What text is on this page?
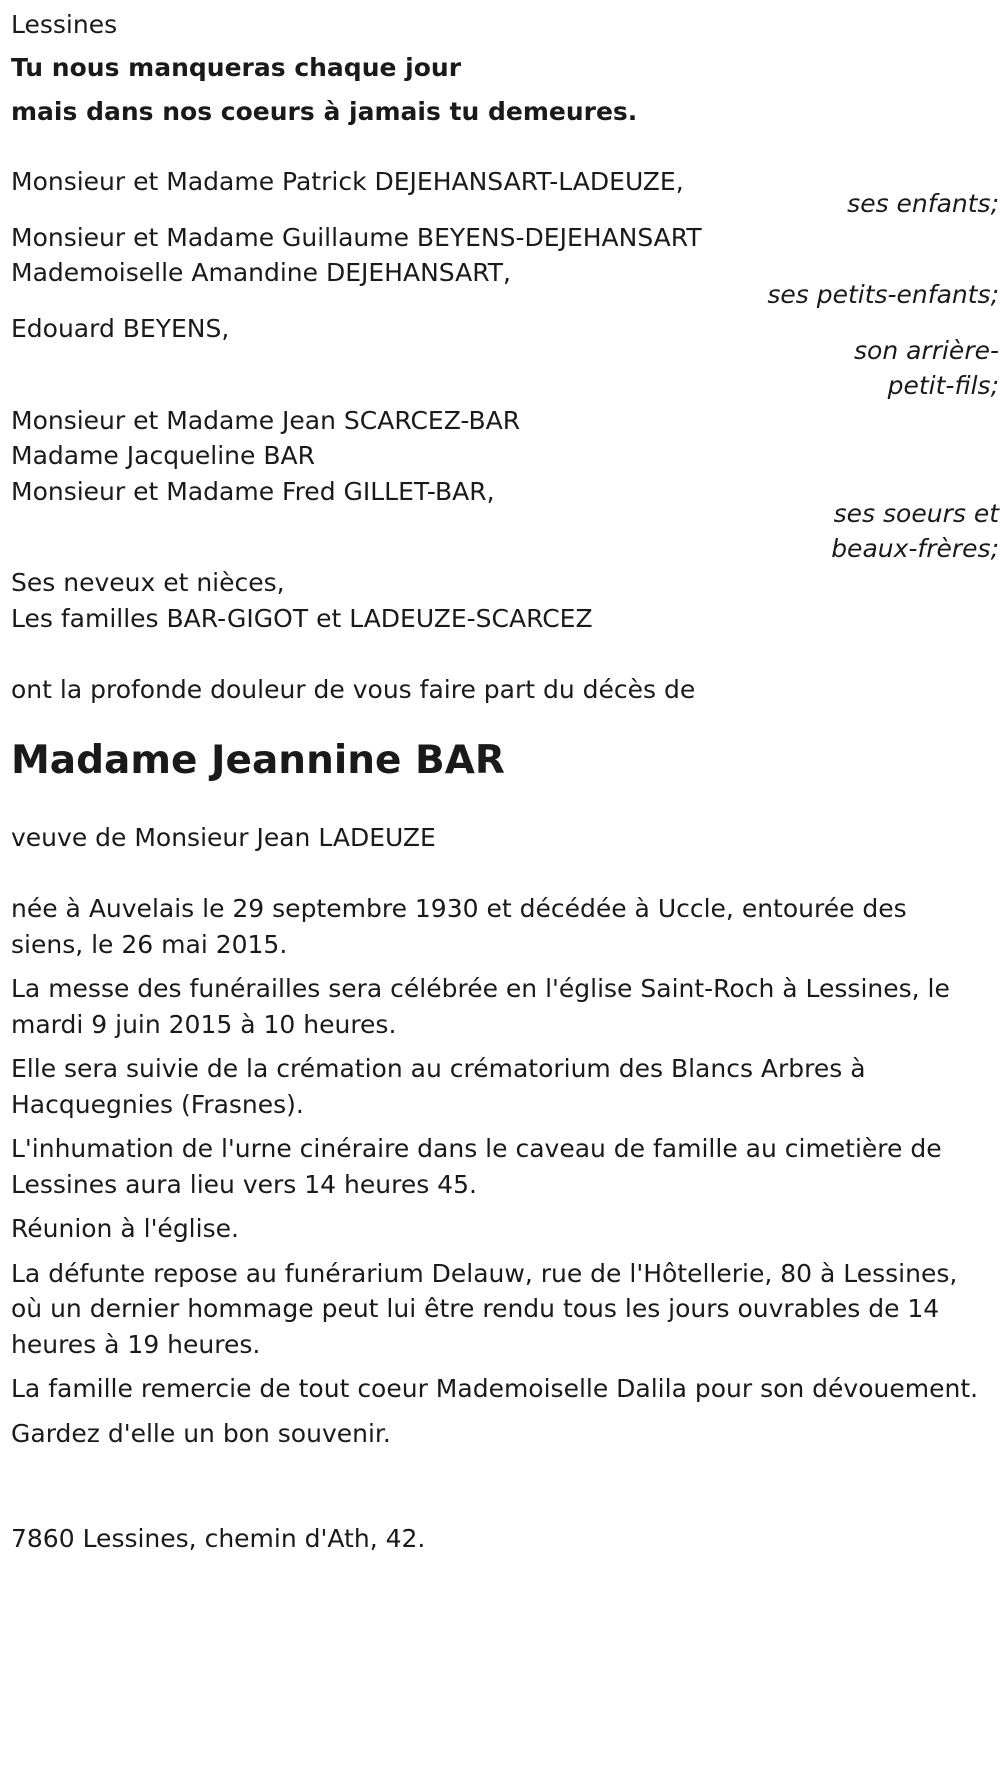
Lessines
Tu nous manqueras chaque jour
mais dans nos coeurs à jamais tu demeures.
Monsieur et Madame Patrick DEJEHANSART-LADEUZE,
ses enfants;
Monsieur et Madame Guillaume BEYENS-DEJEHANSART
Mademoiselle Amandine DEJEHANSART,
ses petits-enfants;
Edouard BEYENS,
son arrière-
petit-fils;
Monsieur et Madame Jean SCARCEZ-BAR
Madame Jacqueline BAR
Monsieur et Madame Fred GILLET-BAR,
ses soeurs et
beaux-frères;
Ses neveux et nièces,
Les familles BAR-GIGOT et LADEUZE-SCARCEZ
ont la profonde douleur de vous faire part du décès de
Madame Jeannine BAR
veuve de Monsieur Jean LADEUZE
née à Auvelais le 29 septembre 1930 et décédée à Uccle, entourée des siens, le 26 mai 2015.
La messe des funérailles sera célébrée en l'église Saint-Roch à Lessines, le mardi 9 juin 2015 à 10 heures.
Elle sera suivie de la crémation au crématorium des Blancs Arbres à Hacquegnies (Frasnes).
L'inhumation de l'urne cinéraire dans le caveau de famille au cimetière de Lessines aura lieu vers 14 heures 45.
Réunion à l'église.
La défunte repose au funérarium Delauw, rue de l'Hôtellerie, 80 à Lessines, où un dernier hommage peut lui être rendu tous les jours ouvrables de 14 heures à 19 heures.
La famille remercie de tout coeur Mademoiselle Dalila pour son dévouement.
Gardez d'elle un bon souvenir.
7860 Lessines, chemin d'Ath, 42.
